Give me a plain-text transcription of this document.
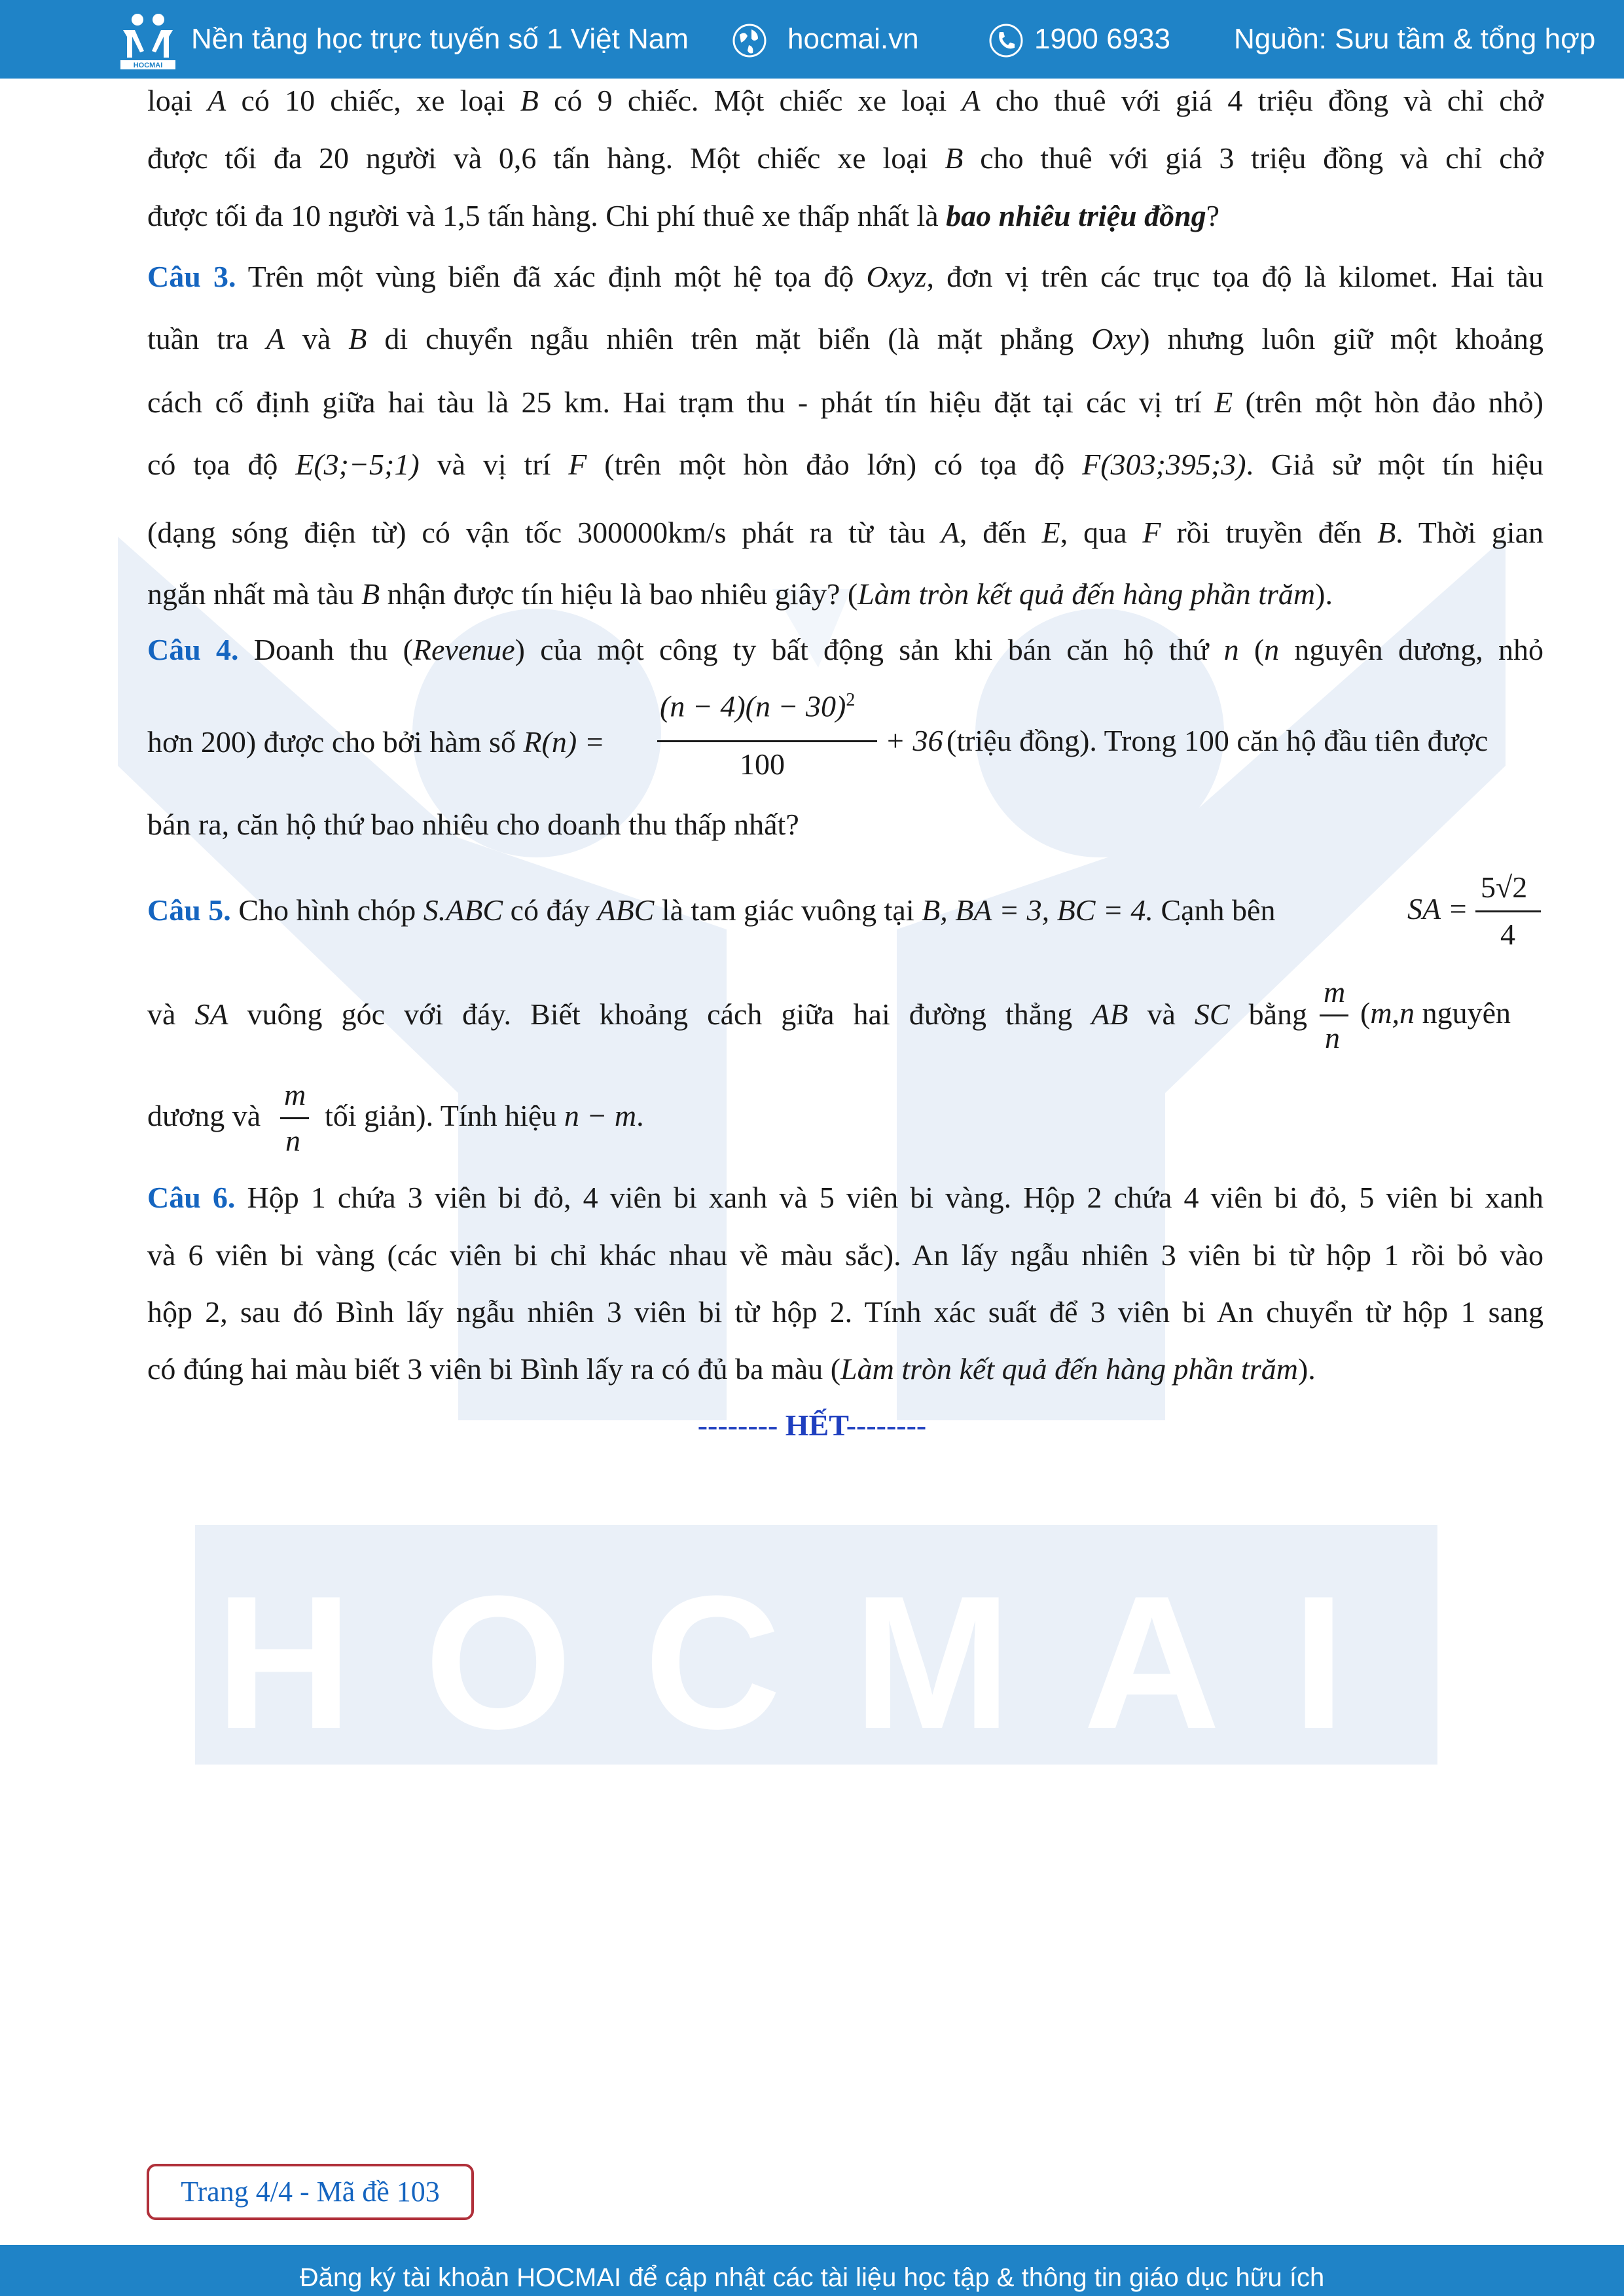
HOCMAI
Nền tảng học trực tuyến số 1 Việt Nam	hocmai.vn	1900 6933 Nguồn: Sưu tầm & tổng hợp
HOCMAI
loại A có 10 chiếc, xe loại B có 9 chiếc. Một chiếc xe loại A cho thuê với giá 4 triệu đồng và chỉ chở
được tối đa 20 người và 0,6 tấn hàng. Một chiếc xe loại B cho thuê với giá 3 triệu đồng và chỉ chở
được tối đa 10 người và 1,5 tấn hàng. Chi phí thuê xe thấp nhất là bao nhiêu triệu đồng?
Câu 3. Trên một vùng biển đã xác định một hệ tọa độ Oxyz, đơn vị trên các trục tọa độ là kilomet. Hai tàu
tuần tra A và B di chuyển ngẫu nhiên trên mặt biển (là mặt phẳng Oxy) nhưng luôn giữ một khoảng
cách cố định giữa hai tàu là 25 km. Hai trạm thu - phát tín hiệu đặt tại các vị trí E (trên một hòn đảo nhỏ)
có tọa độ E(3;−5;1) và vị trí F (trên một hòn đảo lớn) có tọa độ F(303;395;3). Giả sử một tín hiệu
(dạng sóng điện từ) có vận tốc 300000km/s phát ra từ tàu A, đến E, qua F rồi truyền đến B. Thời gian
ngắn nhất mà tàu B nhận được tín hiệu là bao nhiêu giây? (Làm tròn kết quả đến hàng phần trăm).
Câu 4. Doanh thu (Revenue) của một công ty bất động sản khi bán căn hộ thứ n (n nguyên dương, nhỏ
hơn 200) được cho bởi hàm số R(n) =
$(n - 4)(n - 30)^2$
100
+ 36 (triệu đồng). Trong 100 căn hộ đầu tiên được
bán ra, căn hộ thứ bao nhiêu cho doanh thu thấp nhất?
Câu 5. Cho hình chóp S.ABC có đáy ABC là tam giác vuông tại B, BA = 3, BC = 4. Cạnh bên	SA =
5√2
4
và SA vuông góc với đáy. Biết khoảng cách giữa hai đường thẳng AB và SC bằng
m
n
(m,n nguyên
dương và
m
n
tối giản). Tính hiệu n − m.
Câu 6. Hộp 1 chứa 3 viên bi đỏ, 4 viên bi xanh và 5 viên bi vàng. Hộp 2 chứa 4 viên bi đỏ, 5 viên bi xanh
và 6 viên bi vàng (các viên bi chỉ khác nhau về màu sắc). An lấy ngẫu nhiên 3 viên bi từ hộp 1 rồi bỏ vào
hộp 2, sau đó Bình lấy ngẫu nhiên 3 viên bi từ hộp 2. Tính xác suất để 3 viên bi An chuyển từ hộp 1 sang
có đúng hai màu biết 3 viên bi Bình lấy ra có đủ ba màu (Làm tròn kết quả đến hàng phần trăm).
-------- HẾT--------
Trang 4/4 - Mã đề 103
Đăng ký tài khoản HOCMAI để cập nhật các tài liệu học tập & thông tin giáo dục hữu ích
